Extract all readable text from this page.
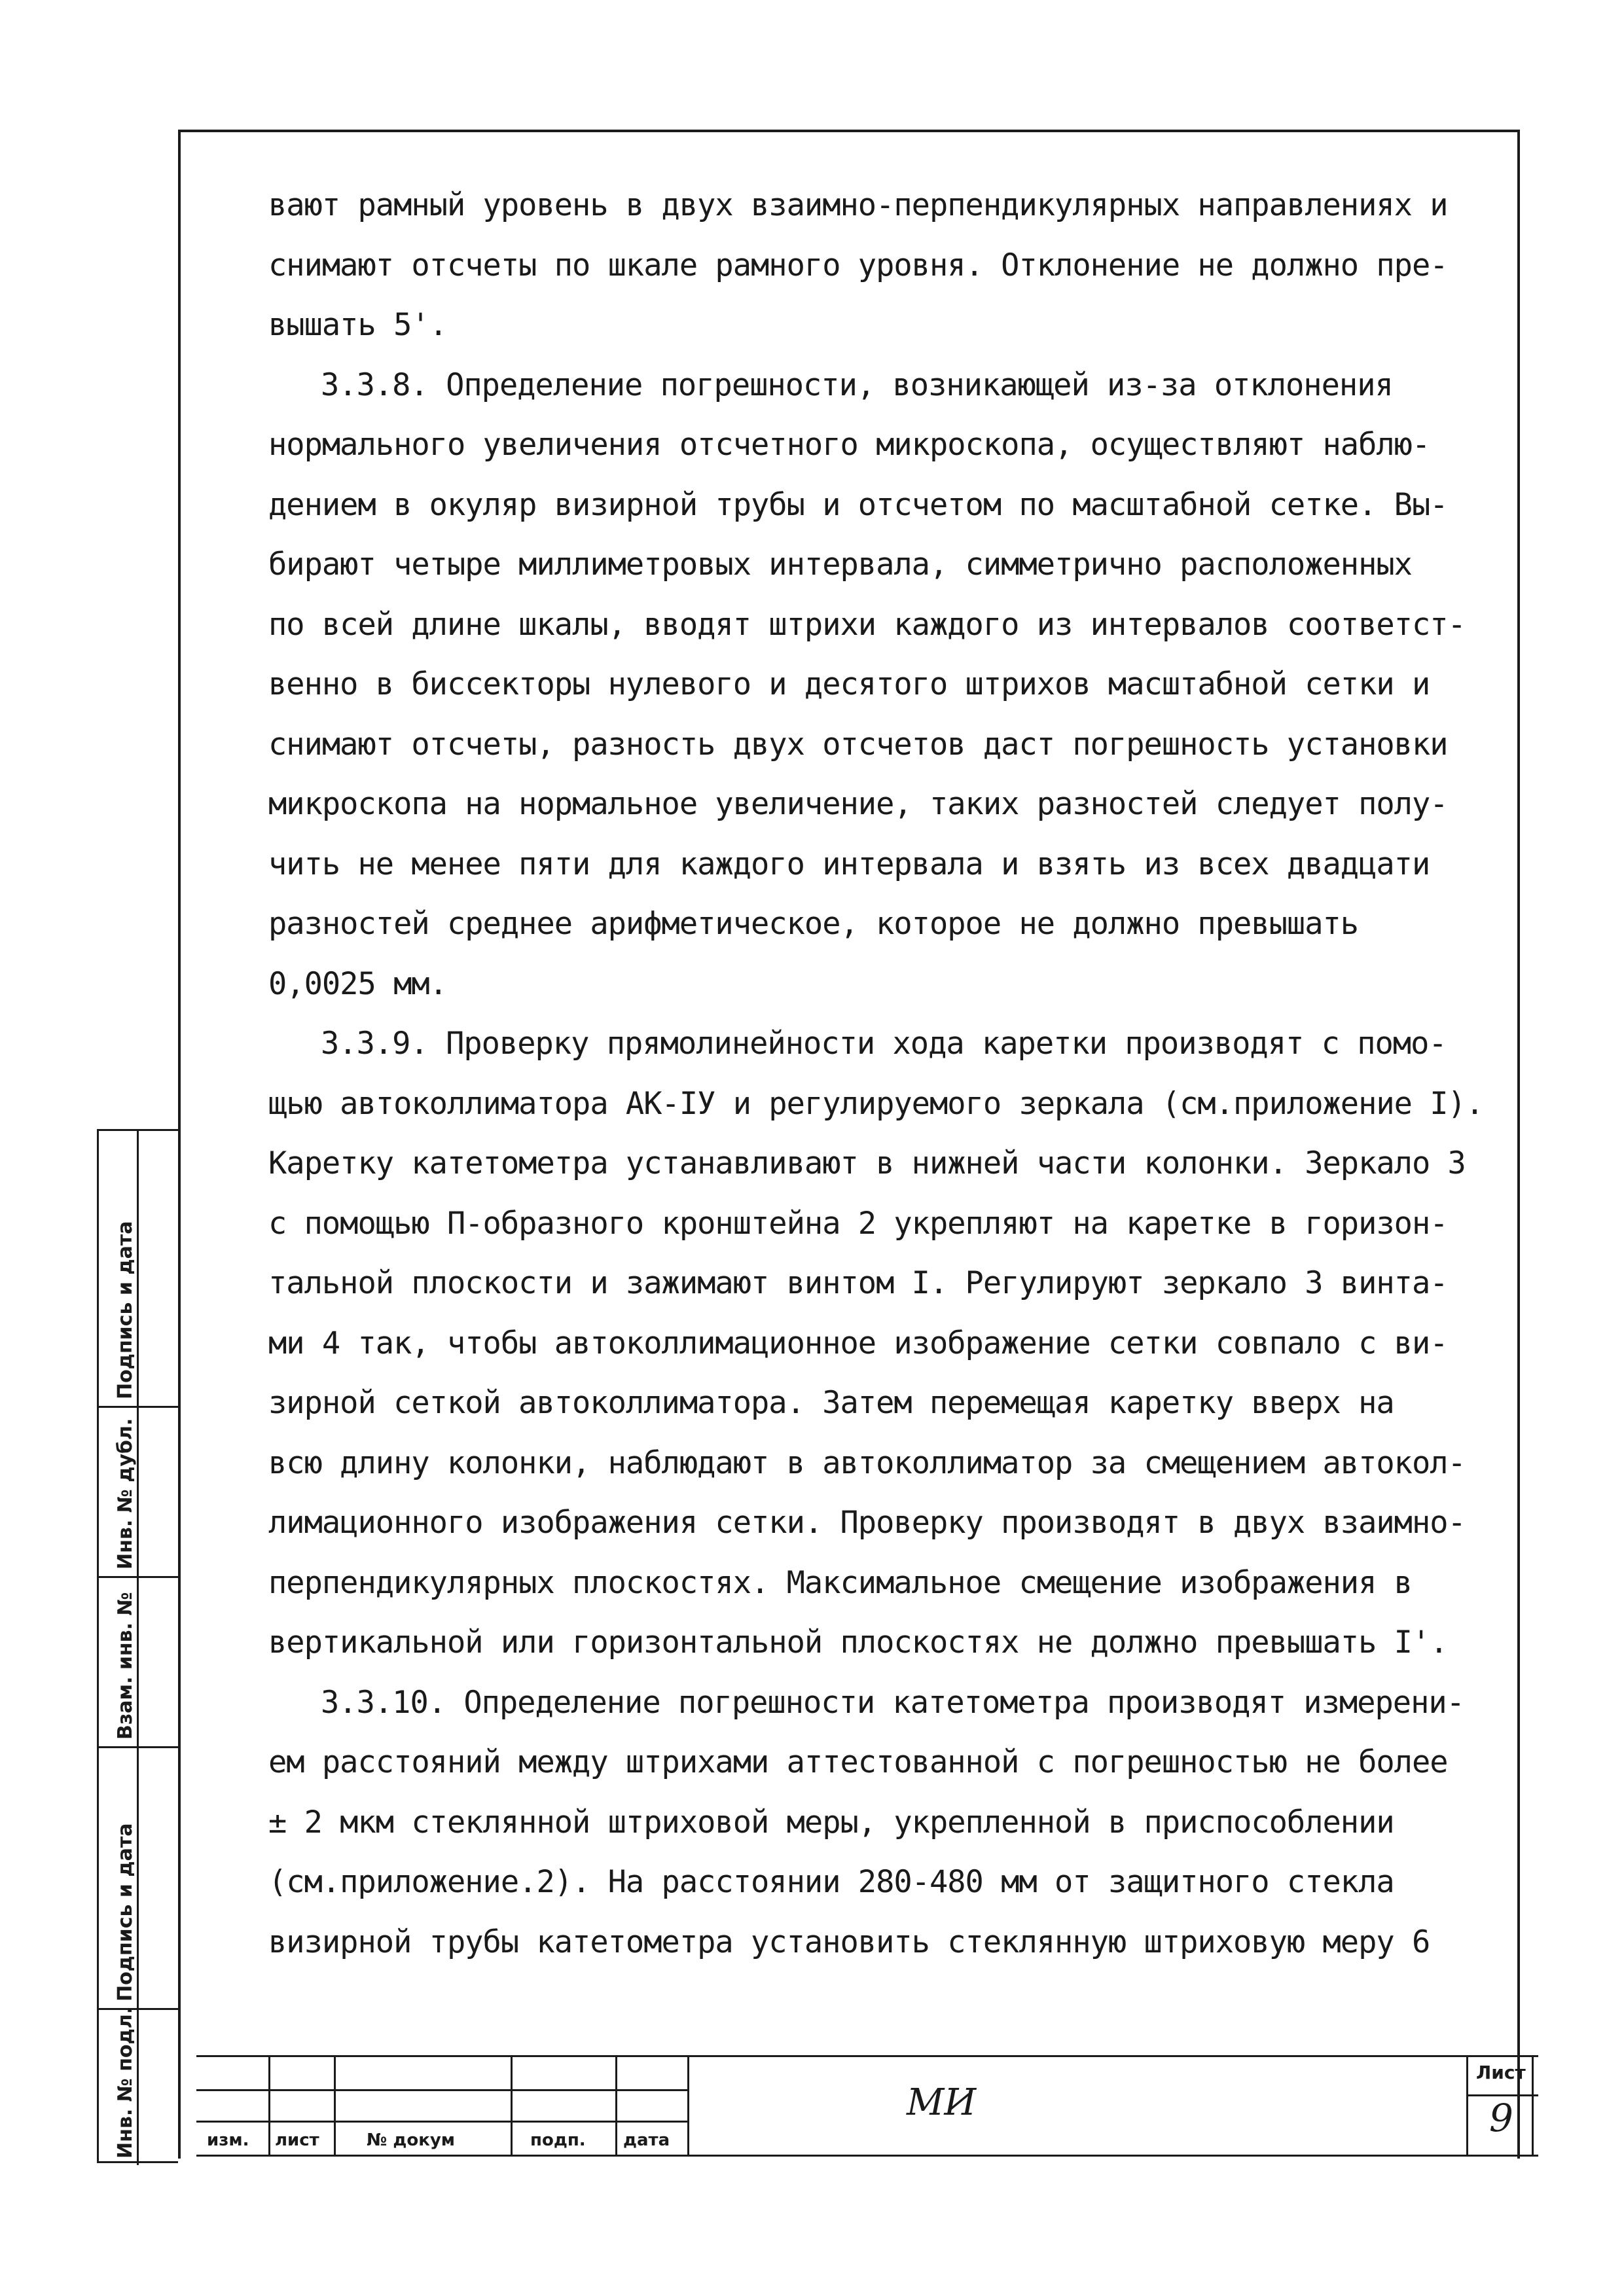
вают рамный уровень в двух взаимно-перпендикулярных направлениях и
снимают отсчеты по шкале рамного уровня. Отклонение не должно пре-
вышать 5'.
3.3.8. Определение погрешности, возникающей из-за отклонения
нормального увеличения отсчетного микроскопа, осуществляют наблю-
дением в окуляр визирной трубы и отсчетом по масштабной сетке. Вы-
бирают четыре миллиметровых интервала, симметрично расположенных
по всей длине шкалы, вводят штрихи каждого из интервалов соответст-
венно в биссекторы нулевого и десятого штрихов масштабной сетки и
снимают отсчеты, разность двух отсчетов даст погрешность установки
микроскопа на нормальное увеличение, таких разностей следует полу-
чить не менее пяти для каждого интервала и взять из всех двадцати
разностей среднее арифметическое, которое не должно превышать
0,0025 мм.
3.3.9. Проверку прямолинейности хода каретки производят с помо-
щью автоколлиматора АК-IУ и регулируемого зеркала (см.приложение I).
Каретку катетометра устанавливают в нижней части колонки. Зеркало 3
с помощью П-образного кронштейна 2 укрепляют на каретке в горизон-
тальной плоскости и зажимают винтом I. Регулируют зеркало 3 винта-
ми 4 так, чтобы автоколлимационное изображение сетки совпало с ви-
зирной сеткой автоколлиматора. Затем перемещая каретку вверх на
всю длину колонки, наблюдают в автоколлиматор за смещением автокол-
лимационного изображения сетки. Проверку производят в двух взаимно-
перпендикулярных плоскостях. Максимальное смещение изображения в
вертикальной или горизонтальной плоскостях не должно превышать I'.
3.3.10. Определение погрешности катетометра производят измерени-
ем расстояний между штрихами аттестованной с погрешностью не более
± 2 мкм стеклянной штриховой меры, укрепленной в приспособлении
(см.приложение.2). На расстоянии 280-480 мм от защитного стекла
визирной трубы катетометра установить стеклянную штриховую меру 6
Подпись и дата
Инв. № дубл.
Взам. инв. №
Подпись и дата
Инв. № подл.	изм. лист	№ докум	подп. дата
МИ
Лист
9
